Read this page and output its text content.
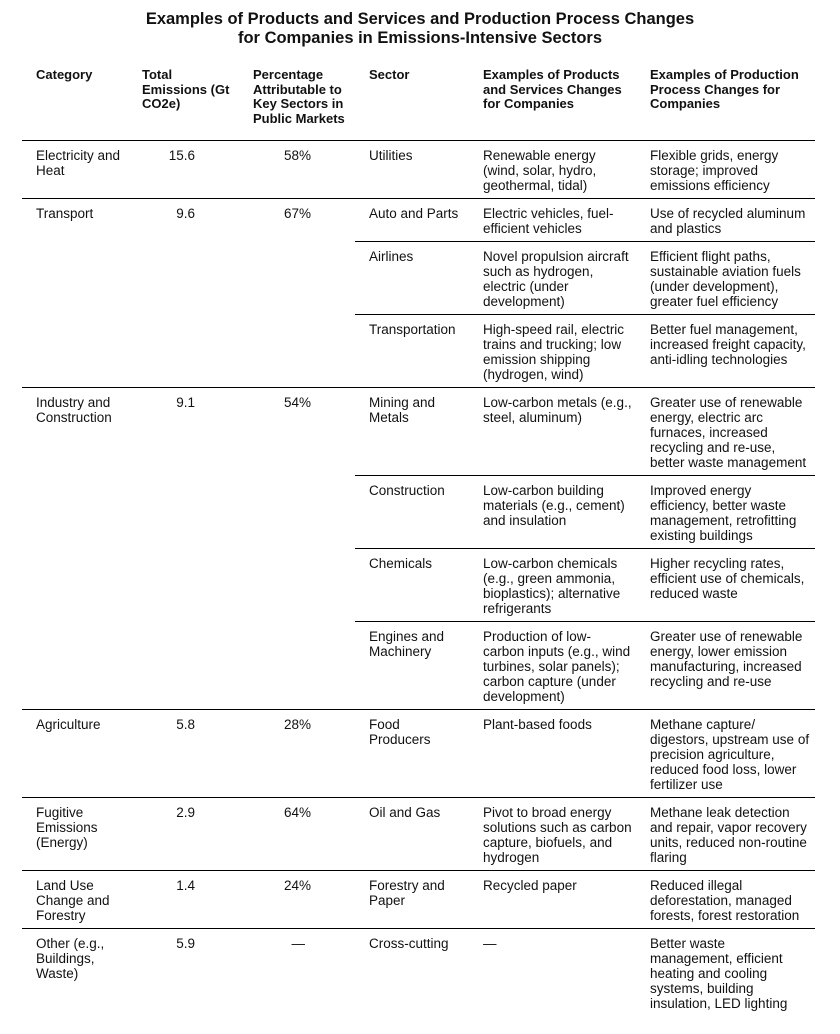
Examples of Products and Services and Production Process Changes
for Companies in Emissions-Intensive Sectors
Category	Total Emissions (Gt CO2e)	Percentage Attributable to Key Sectors in Public Markets	Sector	Examples of Products and Services Changes for Companies	Examples of Production Process Changes for Companies
Electricity and Heat	15.6	58%	Utilities	Renewable energy (wind, solar, hydro, geothermal, tidal)	Flexible grids, energy storage; improved emissions efficiency
Transport	9.6	67%	Auto and Parts	Electric vehicles, fuel-efficient vehicles	Use of recycled aluminum and plastics
			Airlines	Novel propulsion aircraft such as hydrogen, electric (under development)	Efficient flight paths, sustainable aviation fuels (under development), greater fuel efficiency
			Transportation	High-speed rail, electric trains and trucking; low emission shipping (hydrogen, wind)	Better fuel management, increased freight capacity, anti-idling technologies
Industry and Construction	9.1	54%	Mining and Metals	Low-carbon metals (e.g., steel, aluminum)	Greater use of renewable energy, electric arc furnaces, increased recycling and re-use, better waste management
			Construction	Low-carbon building materials (e.g., cement) and insulation	Improved energy efficiency, better waste management, retrofitting existing buildings
			Chemicals	Low-carbon chemicals (e.g., green ammonia, bioplastics); alternative refrigerants	Higher recycling rates, efficient use of chemicals, reduced waste
			Engines and Machinery	Production of low-carbon inputs (e.g., wind turbines, solar panels); carbon capture (under development)	Greater use of renewable energy, lower emission manufacturing, increased recycling and re-use
Agriculture	5.8	28%	Food Producers	Plant-based foods	Methane capture/ digestors, upstream use of precision agriculture, reduced food loss, lower fertilizer use
Fugitive Emissions (Energy)	2.9	64%	Oil and Gas	Pivot to broad energy solutions such as carbon capture, biofuels, and hydrogen	Methane leak detection and repair, vapor recovery units, reduced non-routine flaring
Land Use Change and Forestry	1.4	24%	Forestry and Paper	Recycled paper	Reduced illegal deforestation, managed forests, forest restoration
Other (e.g., Buildings, Waste)	5.9	—	Cross-cutting	—	Better waste management, efficient heating and cooling systems, building insulation, LED lighting
